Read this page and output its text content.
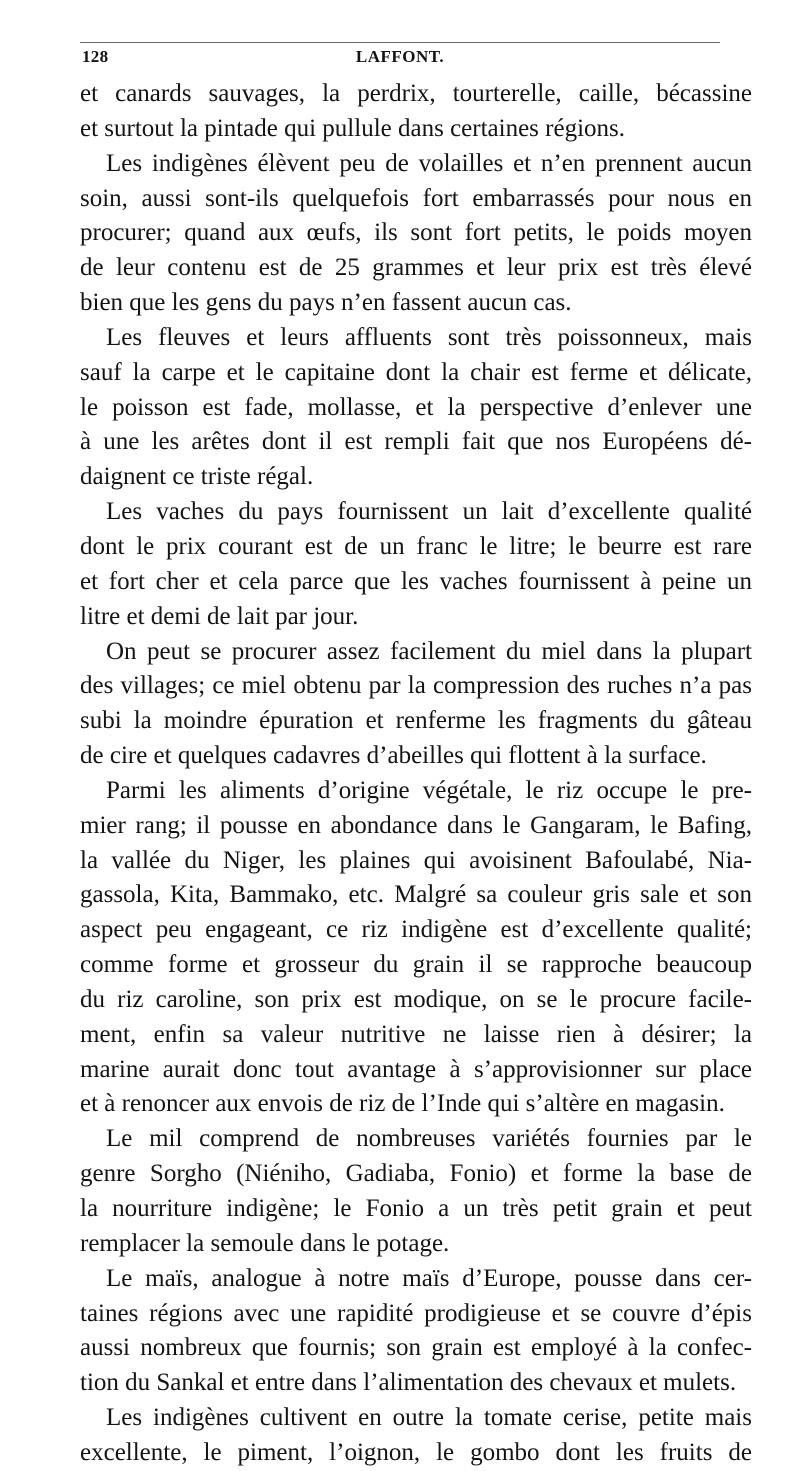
128	LAFFONT.
et canards sauvages, la perdrix, tourterelle, caille, bécassine
et surtout la pintade qui pullule dans certaines régions.
Les indigènes élèvent peu de volailles et n’en prennent aucun
soin, aussi sont-ils quelquefois fort embarrassés pour nous en
procurer; quand aux œufs, ils sont fort petits, le poids moyen
de leur contenu est de 25 grammes et leur prix est très élevé
bien que les gens du pays n’en fassent aucun cas.
Les fleuves et leurs affluents sont très poissonneux, mais
sauf la carpe et le capitaine dont la chair est ferme et délicate,
le poisson est fade, mollasse, et la perspective d’enlever une
à une les arêtes dont il est rempli fait que nos Européens dé-
daignent ce triste régal.
Les vaches du pays fournissent un lait d’excellente qualité
dont le prix courant est de un franc le litre; le beurre est rare
et fort cher et cela parce que les vaches fournissent à peine un
litre et demi de lait par jour.
On peut se procurer assez facilement du miel dans la plupart
des villages; ce miel obtenu par la compression des ruches n’a pas
subi la moindre épuration et renferme les fragments du gâteau
de cire et quelques cadavres d’abeilles qui flottent à la surface.
Parmi les aliments d’origine végétale, le riz occupe le pre-
mier rang; il pousse en abondance dans le Gangaram, le Bafing,
la vallée du Niger, les plaines qui avoisinent Bafoulabé, Nia-
gassola, Kita, Bammako, etc. Malgré sa couleur gris sale et son
aspect peu engageant, ce riz indigène est d’excellente qualité;
comme forme et grosseur du grain il se rapproche beaucoup
du riz caroline, son prix est modique, on se le procure facile-
ment, enfin sa valeur nutritive ne laisse rien à désirer; la
marine aurait donc tout avantage à s’approvisionner sur place
et à renoncer aux envois de riz de l’Inde qui s’altère en magasin.
Le mil comprend de nombreuses variétés fournies par le
genre Sorgho (Niéniho, Gadiaba, Fonio) et forme la base de
la nourriture indigène; le Fonio a un très petit grain et peut
remplacer la semoule dans le potage.
Le maïs, analogue à notre maïs d’Europe, pousse dans cer-
taines régions avec une rapidité prodigieuse et se couvre d’épis
aussi nombreux que fournis; son grain est employé à la confec-
tion du Sankal et entre dans l’alimentation des chevaux et mulets.
Les indigènes cultivent en outre la tomate cerise, petite mais
excellente, le piment, l’oignon, le gombo dont les fruits de
